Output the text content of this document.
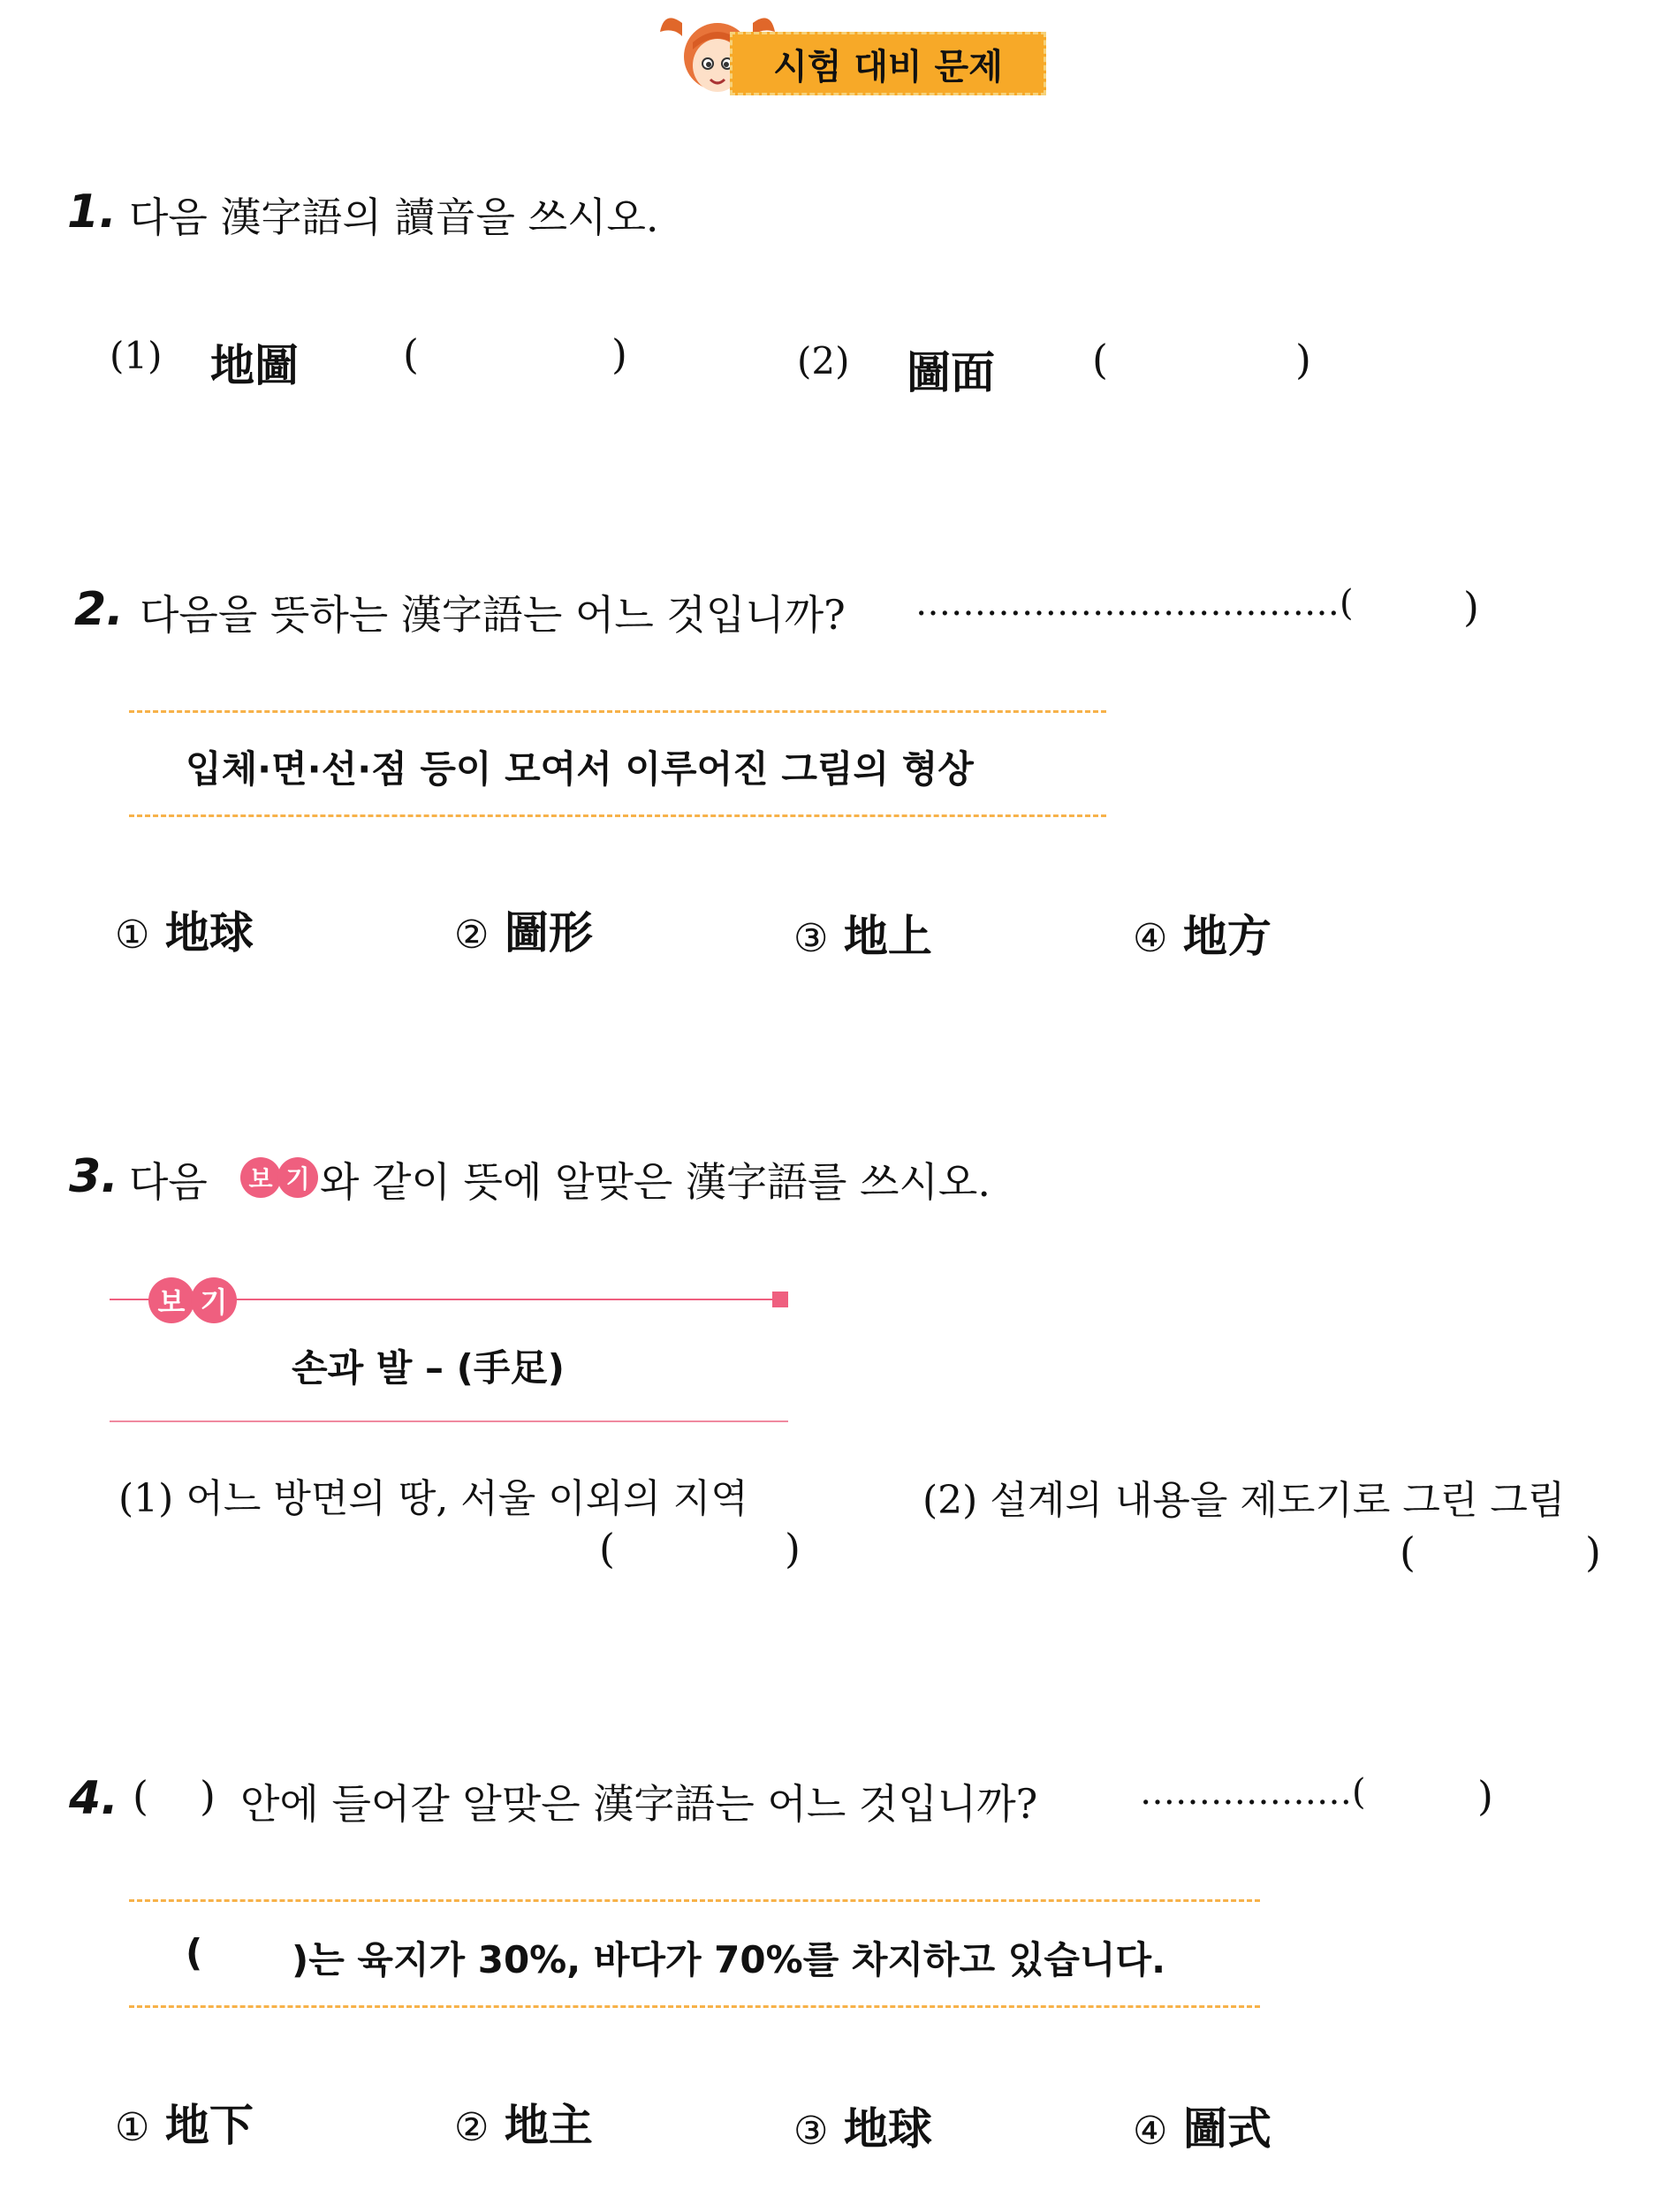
시험 대비 문제
1. 다음 漢字語의 讀音을 쓰시오.
(1) 地圖	(	)	(2) 圖面 (	)
2. 다음을 뜻하는 漢字語는 어느 것입니까? ………………………………(	)
입체·면·선·점 등이 모여서 이루어진 그림의 형상
① 地球	② 圖形	③ 地上	④ 地方
3. 다음	보 기 와 같이 뜻에 알맞은 漢字語를 쓰시오.
보 기
손과 발 – (手足)
(1) 어느 방면의 땅, 서울 이외의 지역
(	)
(2) 설계의 내용을 제도기로 그린 그림
(	)
4. ( ) 안에 들어갈 알맞은 漢字語는 어느 것입니까?	………………(	)
( )는 육지가 30%, 바다가 70%를 차지하고 있습니다.
① 地下	② 地主	③ 地球	④ 圖式
